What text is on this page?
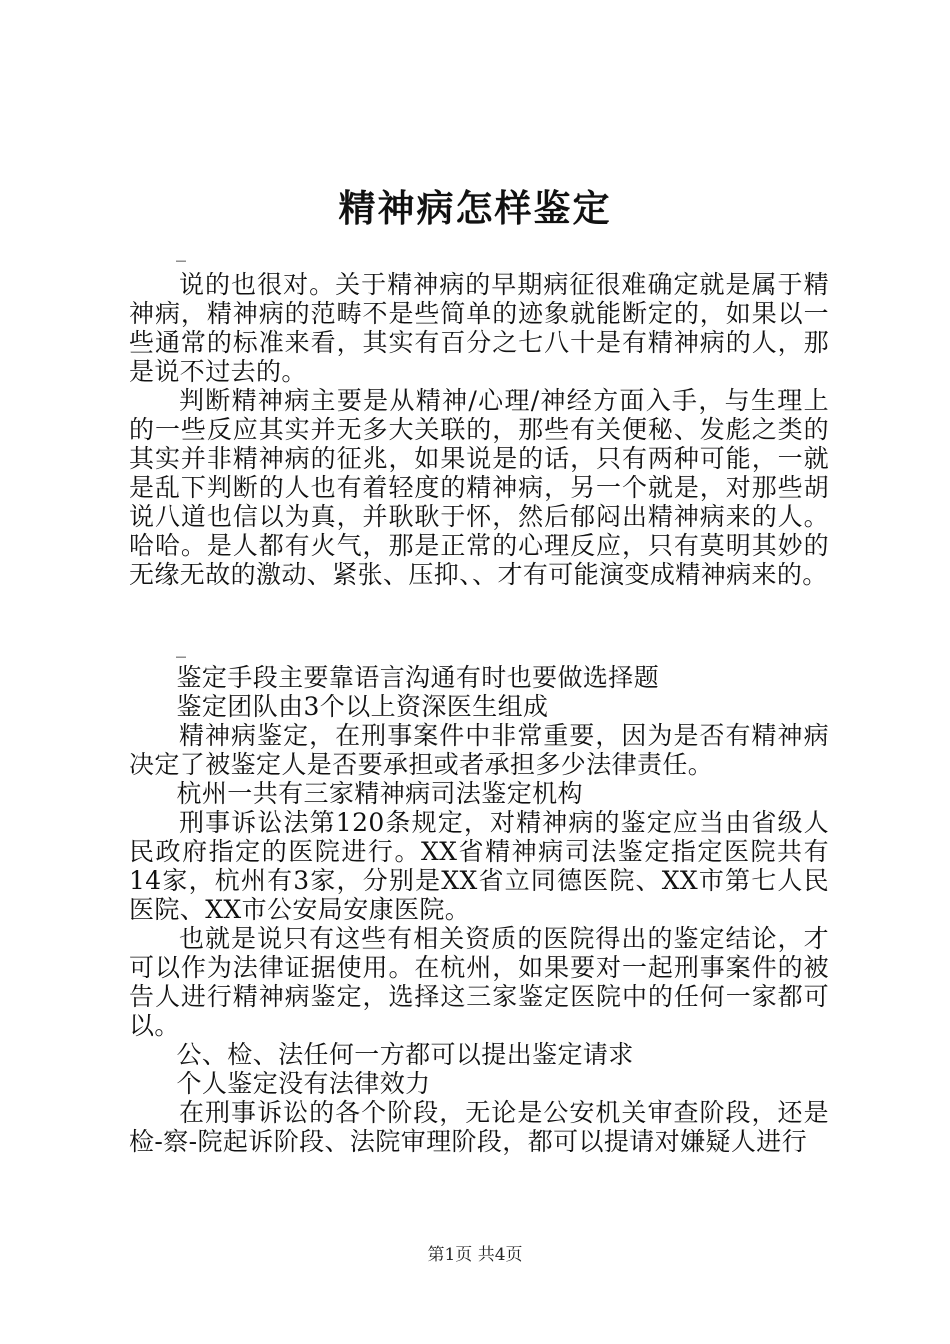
精神病怎样鉴定
_

说的也很对。关于精神病的早期病征很难确定就是属于精神病，精神病的范畴不是些简单的迹象就能断定的，如果以一些通常的标准来看，其实有百分之七八十是有精神病的人，那是说不过去的。

判断精神病主要是从精神/心理/神经方面入手，与生理上的一些反应其实并无多大关联的，那些有关便秘、发彪之类的其实并非精神病的征兆，如果说是的话，只有两种可能，一就是乱下判断的人也有着轻度的精神病，另一个就是，对那些胡说八道也信以为真，并耿耿于怀，然后郁闷出精神病来的人。哈哈。是人都有火气，那是正常的心理反应，只有莫明其妙的无缘无故的激动、紧张、压抑、、才有可能演变成精神病来的。

_

鉴定手段主要靠语言沟通有时也要做选择题

鉴定团队由3个以上资深医生组成

精神病鉴定，在刑事案件中非常重要，因为是否有精神病决定了被鉴定人是否要承担或者承担多少法律责任。

杭州一共有三家精神病司法鉴定机构

刑事诉讼法第120条规定，对精神病的鉴定应当由省级人民政府指定的医院进行。XX省精神病司法鉴定指定医院共有14家，杭州有3家，分别是XX省立同德医院、XX市第七人民医院、XX市公安局安康医院。

也就是说只有这些有相关资质的医院得出的鉴定结论，才可以作为法律证据使用。在杭州，如果要对一起刑事案件的被告人进行精神病鉴定，选择这三家鉴定医院中的任何一家都可以。

公、检、法任何一方都可以提出鉴定请求

个人鉴定没有法律效力

在刑事诉讼的各个阶段，无论是公安机关审查阶段，还是检-察-院起诉阶段、法院审理阶段，都可以提请对嫌疑人进行

第1页 共4页
